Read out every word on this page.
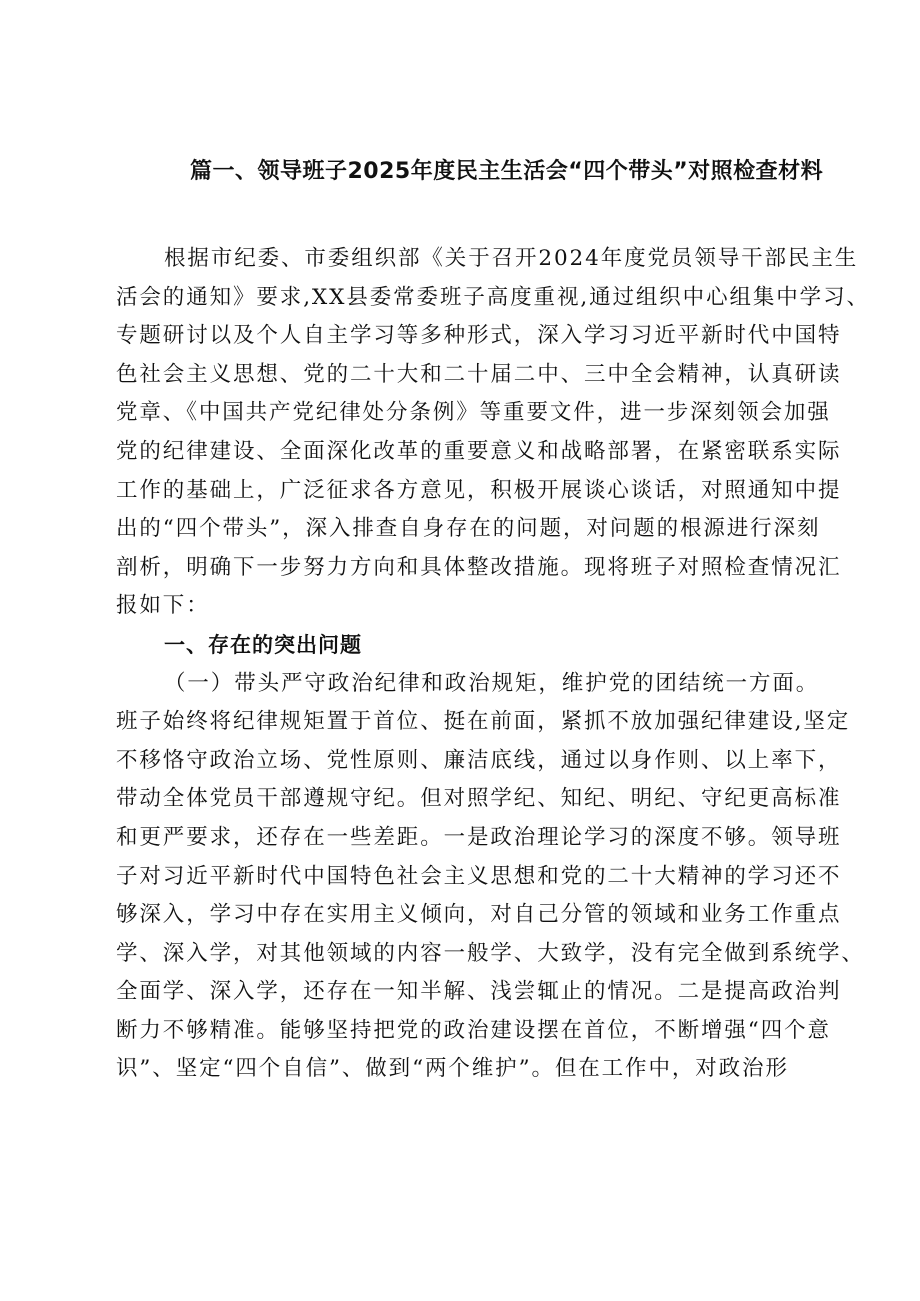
篇一、领导班子2025年度民主生活会“四个带头”对照检查材料
根据市纪委、市委组织部《关于召开2024年度党员领导干部民主生
活会的通知》要求,XX县委常委班子高度重视,通过组织中心组集中学习、
专题研讨以及个人自主学习等多种形式，深入学习习近平新时代中国特
色社会主义思想、党的二十大和二十届二中、三中全会精神，认真研读
党章、《中国共产党纪律处分条例》等重要文件，进一步深刻领会加强
党的纪律建设、全面深化改革的重要意义和战略部署，在紧密联系实际
工作的基础上，广泛征求各方意见，积极开展谈心谈话，对照通知中提
出的“四个带头”，深入排查自身存在的问题，对问题的根源进行深刻
剖析，明确下一步努力方向和具体整改措施。现将班子对照检查情况汇
报如下：
一、存在的突出问题
（一）带头严守政治纪律和政治规矩，维护党的团结统一方面。
班子始终将纪律规矩置于首位、挺在前面，紧抓不放加强纪律建设,坚定
不移恪守政治立场、党性原则、廉洁底线，通过以身作则、以上率下，
带动全体党员干部遵规守纪。但对照学纪、知纪、明纪、守纪更高标准
和更严要求，还存在一些差距。一是政治理论学习的深度不够。领导班
子对习近平新时代中国特色社会主义思想和党的二十大精神的学习还不
够深入，学习中存在实用主义倾向，对自己分管的领域和业务工作重点
学、深入学，对其他领域的内容一般学、大致学，没有完全做到系统学、
全面学、深入学，还存在一知半解、浅尝辄止的情况。二是提高政治判
断力不够精准。能够坚持把党的政治建设摆在首位，不断增强“四个意
识”、坚定“四个自信”、做到“两个维护”。但在工作中，对政治形
